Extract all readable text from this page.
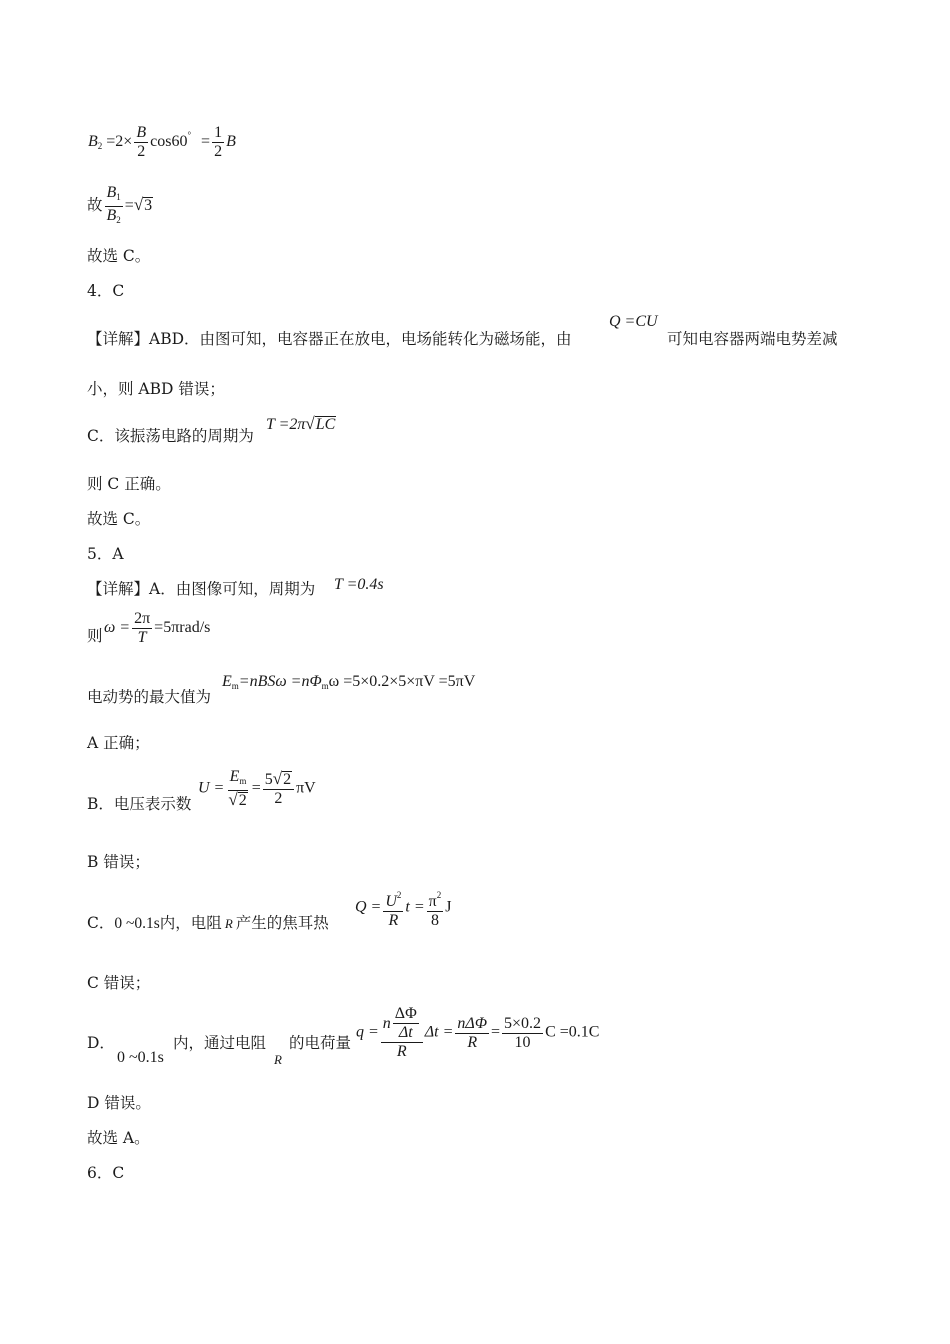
$B_2 =2\times \frac{B}{2} \cos 60^\circ = \frac{1}{2}$ B
故 $\frac{B_1}{B_2} =√3$
故选 C。
4．C
【详解】ABD．由图可知，电容器正在放电，电场能转化为磁场能，由
Q =CU
可知电容器两端电势差减
小，则 ABD 错误；
C．该振荡电路的周期为
T =2π√LC
则 C 正确。
故选 C。
5．A
【详解】A．由图像可知，周期为 T =0.4s
则 $\omega = \frac{2\pi}{T} =5\pi rad/s$
电动势的最大值为
$E_m=nBS\omega =n\Phi_m\omega =5\times 0.2\times 5\times\pi V =5\pi V$
A 正确；
B．电压表示数
$U = \frac{E_m}{√2} = \frac{5√2}{2}$ πV
B 错误；
C．0 ~0.1s内，电阻 R 产生的焦耳热
$Q = \frac{U^2}{R}$ $t = \frac{\pi^2}{8}$ J
C 错误；
D．
0 ~0.1s
内，通过电阻
R
的电荷量
$q = \frac{n \frac{\Delta\Phi}{\Delta t}}{R}$ $\Delta t = \frac{\text{nΔΦ}}{R} = \frac{5\times 0.2}{10}$ C =0.1C
D 错误。
故选 A。
6．C
